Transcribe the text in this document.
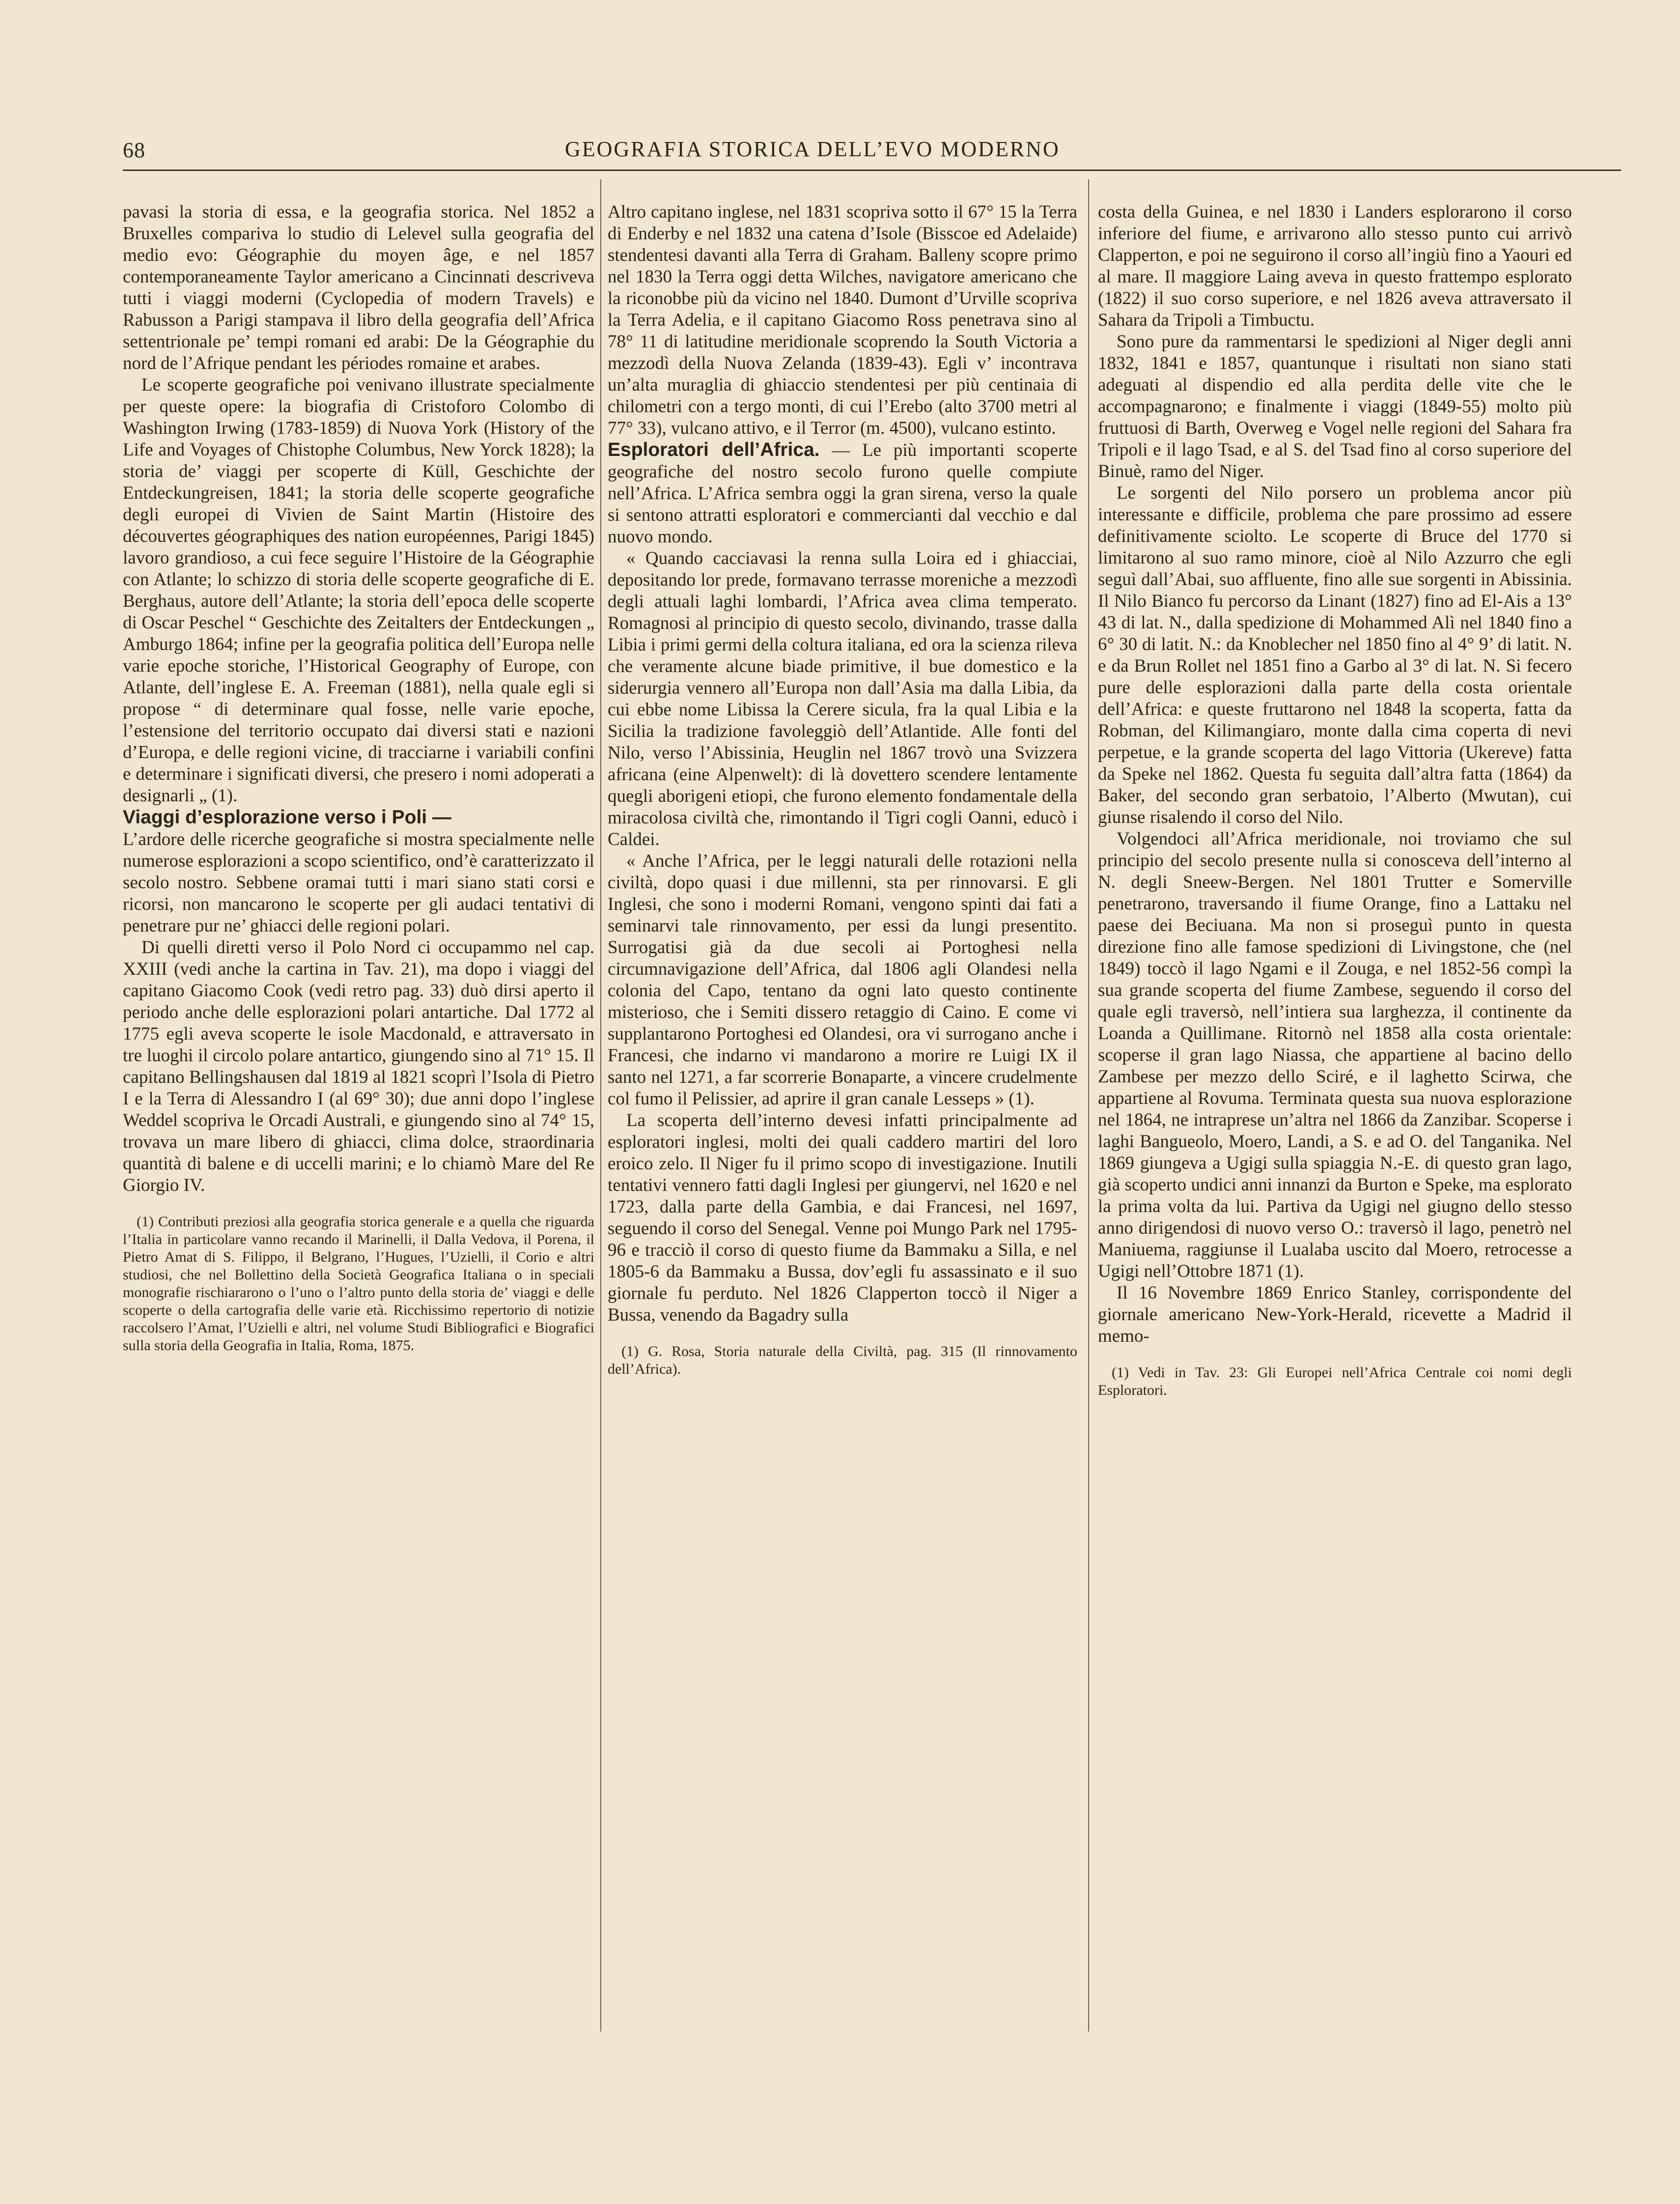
68	GEOGRAFIA STORICA DELL’EVO MODERNO

pavasi la storia di essa, e la geografia storica. Nel 1852 a Bruxelles compariva lo studio di Lelevel sulla geografia del medio evo: Géographie du moyen âge, e nel 1857 contemporaneamente Taylor americano a Cincinnati descriveva tutti i viaggi moderni (Cyclopedia of modern Travels) e Rabusson a Parigi stampava il libro della geografia dell’Africa settentrionale pe’ tempi romani ed arabi: De la Géographie du nord de l’Afrique pendant les périodes romaine et arabes.

Le scoperte geografiche poi venivano illustrate specialmente per queste opere: la biografia di Cristoforo Colombo di Washington Irwing (1783-1859) di Nuova York (History of the Life and Voyages of Chistophe Columbus, New Yorck 1828); la storia de’ viaggi per scoperte di Küll, Geschichte der Entdeckungreisen, 1841; la storia delle scoperte geografiche degli europei di Vivien de Saint Martin (Histoire des découvertes géographiques des nation européennes, Parigi 1845) lavoro grandioso, a cui fece seguire l’Histoire de la Géographie con Atlante; lo schizzo di storia delle scoperte geografiche di E. Berghaus, autore dell’Atlante; la storia dell’epoca delle scoperte di Oscar Peschel “ Geschichte des Zeitalters der Entdeckungen „ Amburgo 1864; infine per la geografia politica dell’Europa nelle varie epoche storiche, l’Historical Geography of Europe, con Atlante, dell’inglese E. A. Freeman (1881), nella quale egli si propose “ di determinare qual fosse, nelle varie epoche, l’estensione del territorio occupato dai diversi stati e nazioni d’Europa, e delle regioni vicine, di tracciarne i variabili confini e determinare i significati diversi, che presero i nomi adoperati a designarli „ (1).

Viaggi d’esplorazione verso i Poli —

L’ardore delle ricerche geografiche si mostra specialmente nelle numerose esplorazioni a scopo scientifico, ond’è caratterizzato il secolo nostro. Sebbene oramai tutti i mari siano stati corsi e ricorsi, non mancarono le scoperte per gli audaci tentativi di penetrare pur ne’ ghiacci delle regioni polari.

Di quelli diretti verso il Polo Nord ci occupammo nel cap. XXIII (vedi anche la cartina in Tav. 21), ma dopo i viaggi del capitano Giacomo Cook (vedi retro pag. 33) duò dirsi aperto il periodo anche delle esplorazioni polari antartiche. Dal 1772 al 1775 egli aveva scoperte le isole Macdonald, e attraversato in tre luoghi il circolo polare antartico, giungendo sino al 71° 15. Il capitano Bellingshausen dal 1819 al 1821 scoprì l’Isola di Pietro I e la Terra di Alessandro I (al 69° 30); due anni dopo l’inglese Weddel scopriva le Orcadi Australi, e giungendo sino al 74° 15, trovava un mare libero di ghiacci, clima dolce, straordinaria quantità di balene e di uccelli marini; e lo chiamò Mare del Re Giorgio IV.

(1) Contributi preziosi alla geografia storica generale e a quella che riguarda l’Italia in particolare vanno recando il Marinelli, il Dalla Vedova, il Porena, il Pietro Amat di S. Filippo, il Belgrano, l’Hugues, l’Uzielli, il Corio e altri studiosi, che nel Bollettino della Società Geografica Italiana o in speciali monografie rischiararono o l’uno o l’altro punto della storia de’ viaggi e delle scoperte o della cartografia delle varie età. Ricchissimo repertorio di notizie raccolsero l’Amat, l’Uzielli e altri, nel volume Studi Bibliografici e Biografici sulla storia della Geografia in Italia, Roma, 1875.

Altro capitano inglese, nel 1831 scopriva sotto il 67° 15 la Terra di Enderby e nel 1832 una catena d’Isole (Bisscoe ed Adelaide) stendentesi davanti alla Terra di Graham. Balleny scopre primo nel 1830 la Terra oggi detta Wilches, navigatore americano che la riconobbe più da vicino nel 1840. Dumont d’Urville scopriva la Terra Adelia, e il capitano Giacomo Ross penetrava sino al 78° 11 di latitudine meridionale scoprendo la South Victoria a mezzodì della Nuova Zelanda (1839-43). Egli v’ incontrava un’alta muraglia di ghiaccio stendentesi per più centinaia di chilometri con a tergo monti, di cui l’Erebo (alto 3700 metri al 77° 33), vulcano attivo, e il Terror (m. 4500), vulcano estinto.

Esploratori dell’Africa. — Le più importanti scoperte geografiche del nostro secolo furono quelle compiute nell’Africa. L’Africa sembra oggi la gran sirena, verso la quale si sentono attratti esploratori e commercianti dal vecchio e dal nuovo mondo.

« Quando cacciavasi la renna sulla Loira ed i ghiacciai, depositando lor prede, formavano terrasse moreniche a mezzodì degli attuali laghi lombardi, l’Africa avea clima temperato. Romagnosi al principio di questo secolo, divinando, trasse dalla Libia i primi germi della coltura italiana, ed ora la scienza rileva che veramente alcune biade primitive, il bue domestico e la siderurgia vennero all’Europa non dall’Asia ma dalla Libia, da cui ebbe nome Libissa la Cerere sicula, fra la qual Libia e la Sicilia la tradizione favoleggiò dell’Atlantide. Alle fonti del Nilo, verso l’Abissinia, Heuglin nel 1867 trovò una Svizzera africana (eine Alpenwelt): di là dovettero scendere lentamente quegli aborigeni etiopi, che furono elemento fondamentale della miracolosa civiltà che, rimontando il Tigri cogli Oanni, educò i Caldei.

« Anche l’Africa, per le leggi naturali delle rotazioni nella civiltà, dopo quasi i due millenni, sta per rinnovarsi. E gli Inglesi, che sono i moderni Romani, vengono spinti dai fati a seminarvi tale rinnovamento, per essi da lungi presentito. Surrogatisi già da due secoli ai Portoghesi nella circumnavigazione dell’Africa, dal 1806 agli Olandesi nella colonia del Capo, tentano da ogni lato questo continente misterioso, che i Semiti dissero retaggio di Caino. E come vi supplantarono Portoghesi ed Olandesi, ora vi surrogano anche i Francesi, che indarno vi mandarono a morire re Luigi IX il santo nel 1271, a far scorrerie Bonaparte, a vincere crudelmente col fumo il Pelissier, ad aprire il gran canale Lesseps » (1).

La scoperta dell’interno devesi infatti principalmente ad esploratori inglesi, molti dei quali caddero martiri del loro eroico zelo. Il Niger fu il primo scopo di investigazione. Inutili tentativi vennero fatti dagli Inglesi per giungervi, nel 1620 e nel 1723, dalla parte della Gambia, e dai Francesi, nel 1697, seguendo il corso del Senegal. Venne poi Mungo Park nel 1795-96 e tracciò il corso di questo fiume da Bammaku a Silla, e nel 1805-6 da Bammaku a Bussa, dov’egli fu assassinato e il suo giornale fu perduto. Nel 1826 Clapperton toccò il Niger a Bussa, venendo da Bagadry sulla

(1) G. Rosa, Storia naturale della Civiltà, pag. 315 (Il rinnovamento dell’Africa).

costa della Guinea, e nel 1830 i Landers esplorarono il corso inferiore del fiume, e arrivarono allo stesso punto cui arrivò Clapperton, e poi ne seguirono il corso all’ingiù fino a Yaouri ed al mare. Il maggiore Laing aveva in questo frattempo esplorato (1822) il suo corso superiore, e nel 1826 aveva attraversato il Sahara da Tripoli a Timbuctu.

Sono pure da rammentarsi le spedizioni al Niger degli anni 1832, 1841 e 1857, quantunque i risultati non siano stati adeguati al dispendio ed alla perdita delle vite che le accompagnarono; e finalmente i viaggi (1849-55) molto più fruttuosi di Barth, Overweg e Vogel nelle regioni del Sahara fra Tripoli e il lago Tsad, e al S. del Tsad fino al corso superiore del Binuè, ramo del Niger.

Le sorgenti del Nilo porsero un problema ancor più interessante e difficile, problema che pare prossimo ad essere definitivamente sciolto. Le scoperte di Bruce del 1770 si limitarono al suo ramo minore, cioè al Nilo Azzurro che egli seguì dall’Abai, suo affluente, fino alle sue sorgenti in Abissinia. Il Nilo Bianco fu percorso da Linant (1827) fino ad El-Ais a 13° 43 di lat. N., dalla spedizione di Mohammed Alì nel 1840 fino a 6° 30 di latit. N.: da Knoblecher nel 1850 fino al 4° 9’ di latit. N. e da Brun Rollet nel 1851 fino a Garbo al 3° di lat. N. Si fecero pure delle esplorazioni dalla parte della costa orientale dell’Africa: e queste fruttarono nel 1848 la scoperta, fatta da Robman, del Kilimangiaro, monte dalla cima coperta di nevi perpetue, e la grande scoperta del lago Vittoria (Ukereve) fatta da Speke nel 1862. Questa fu seguita dall’altra fatta (1864) da Baker, del secondo gran serbatoio, l’Alberto (Mwutan), cui giunse risalendo il corso del Nilo.

Volgendoci all’Africa meridionale, noi troviamo che sul principio del secolo presente nulla si conosceva dell’interno al N. degli Sneew-Bergen. Nel 1801 Trutter e Somerville penetrarono, traversando il fiume Orange, fino a Lattaku nel paese dei Beciuana. Ma non si proseguì punto in questa direzione fino alle famose spedizioni di Livingstone, che (nel 1849) toccò il lago Ngami e il Zouga, e nel 1852-56 compì la sua grande scoperta del fiume Zambese, seguendo il corso del quale egli traversò, nell’intiera sua larghezza, il continente da Loanda a Quillimane. Ritornò nel 1858 alla costa orientale: scoperse il gran lago Niassa, che appartiene al bacino dello Zambese per mezzo dello Sciré, e il laghetto Scirwa, che appartiene al Rovuma. Terminata questa sua nuova esplorazione nel 1864, ne intraprese un’altra nel 1866 da Zanzibar. Scoperse i laghi Bangueolo, Moero, Landi, a S. e ad O. del Tanganika. Nel 1869 giungeva a Ugigi sulla spiaggia N.-E. di questo gran lago, già scoperto undici anni innanzi da Burton e Speke, ma esplorato la prima volta da lui. Partiva da Ugigi nel giugno dello stesso anno dirigendosi di nuovo verso O.: traversò il lago, penetrò nel Maniuema, raggiunse il Lualaba uscito dal Moero, retrocesse a Ugigi nell’Ottobre 1871 (1).

Il 16 Novembre 1869 Enrico Stanley, corrispondente del giornale americano New-York-Herald, ricevette a Madrid il memo-

(1) Vedi in Tav. 23: Gli Europei nell’Africa Centrale coi nomi degli Esploratori.
